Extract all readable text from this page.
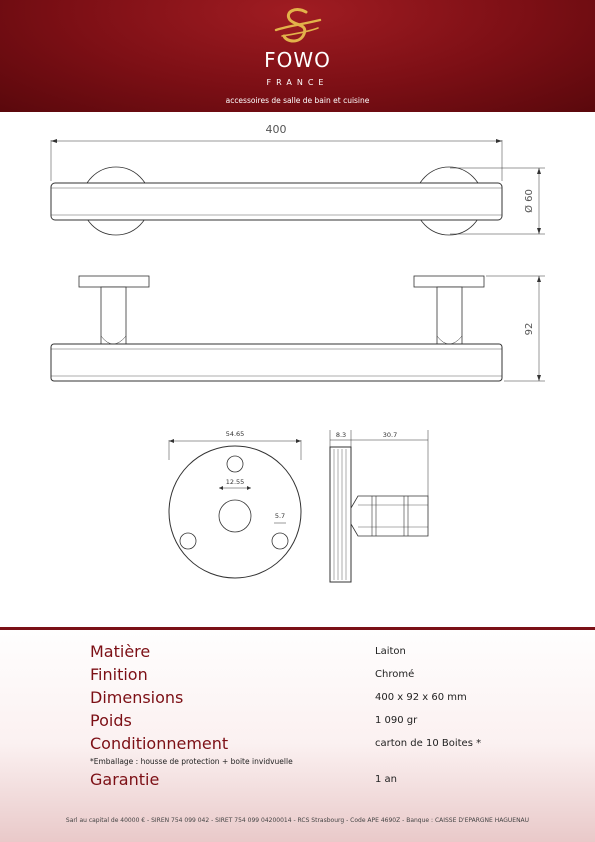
FOWO
FRANCE
accessoires de salle de bain et cuisine
400
Ø 60
92
54.65
12.55
5.7
8.3	30.7
Matière	Laiton
Finition	Chromé
Dimensions	400 x 92 x 60 mm
Poids	1 090 gr
Conditionnement	carton de 10 Boites *
*Emballage : housse de protection + boite invidvuelle
Garantie	1 an
Sarl au capital de 40000 € - SIREN 754 099 042 - SIRET 754 099 04200014 - RCS Strasbourg - Code APE 4690Z - Banque : CAISSE D'EPARGNE HAGUENAU
